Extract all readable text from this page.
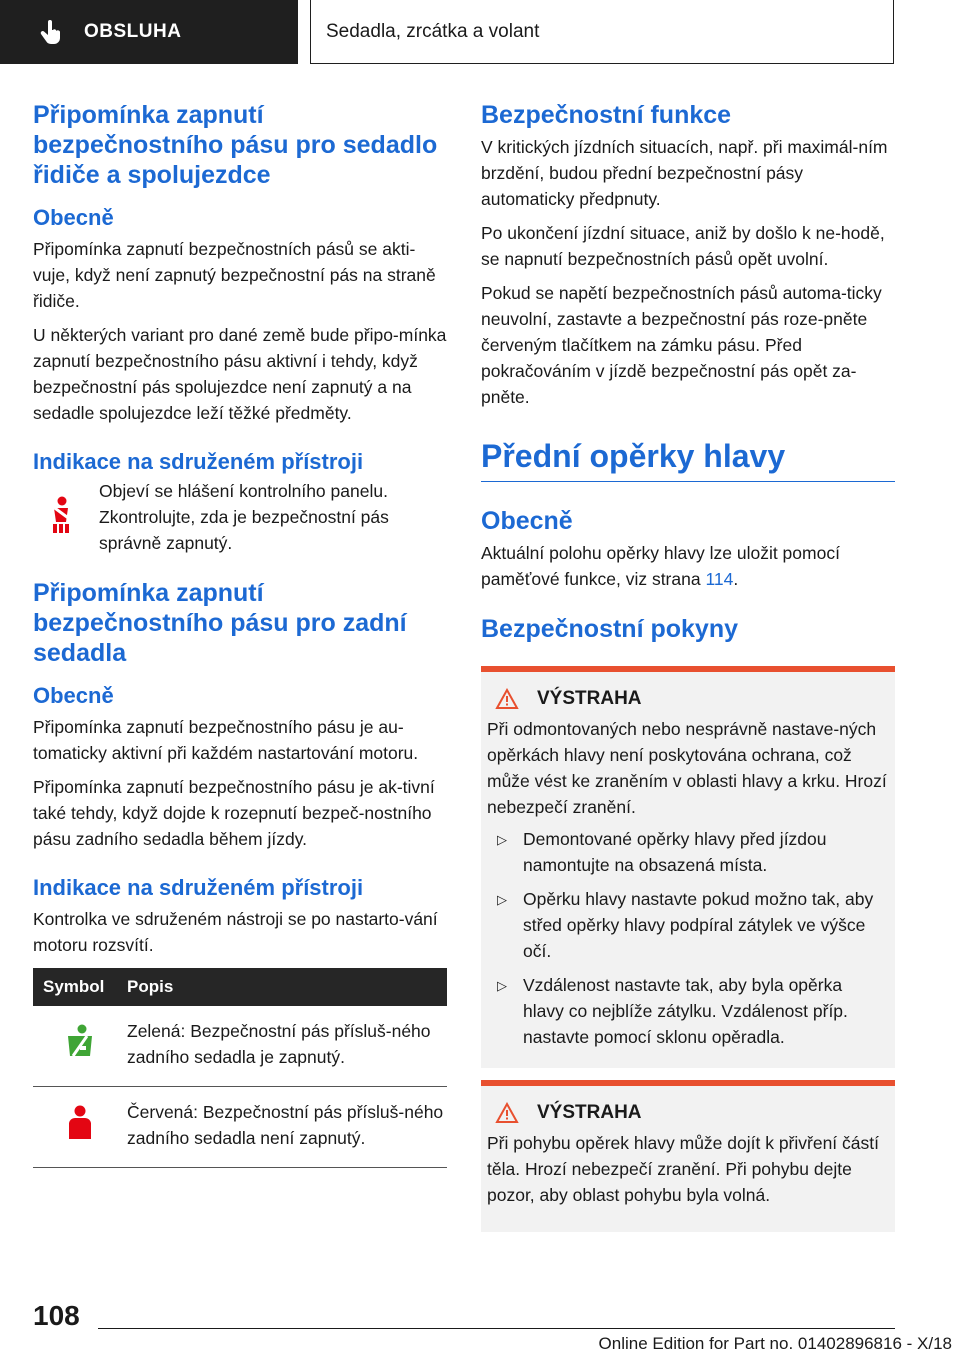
OBSLUHA	Sedadla, zrcátka a volant
Připomínka zapnutí bezpečnostního pásu pro sedadlo řidiče a spolujezdce
Obecně

Připomínka zapnutí bezpečnostních pásů se akti-vuje, když není zapnutý bezpečnostní pás na straně řidiče.

U některých variant pro dané země bude připo-mínka zapnutí bezpečnostního pásu aktivní i tehdy, když bezpečnostní pás spolujezdce není zapnutý a na sedadle spolujezdce leží těžké předměty.

Indikace na sdruženém přístroji

Objeví se hlášení kontrolního panelu. Zkontrolujte, zda je bezpečnostní pás správně zapnutý.

Připomínka zapnutí bezpečnostního pásu pro zadní sedadla
Obecně

Připomínka zapnutí bezpečnostního pásu je au-tomaticky aktivní při každém nastartování motoru.

Připomínka zapnutí bezpečnostního pásu je ak-tivní také tehdy, když dojde k rozepnutí bezpeč-nostního pásu zadního sedadla během jízdy.

Indikace na sdruženém přístroji

Kontrolka ve sdruženém nástroji se po nastarto-vání motoru rozsvítí.

Symbol	Popis
	Zelená: Bezpečnostní pás přísluš-ného zadního sedadla je zapnutý.
	Červená: Bezpečnostní pás přísluš-ného zadního sedadla není zapnutý.
Bezpečnostní funkce

V kritických jízdních situacích, např. při maximál-ním brzdění, budou přední bezpečnostní pásy automaticky předpnuty.

Po ukončení jízdní situace, aniž by došlo k ne-hodě, se napnutí bezpečnostních pásů opět uvolní.

Pokud se napětí bezpečnostních pásů automa-ticky neuvolní, zastavte a bezpečnostní pás roze-pněte červeným tlačítkem na zámku pásu. Před pokračováním v jízdě bezpečnostní pás opět za-pněte.

Přední opěrky hlavy
Obecně

Aktuální polohu opěrky hlavy lze uložit pomocí paměťové funkce, viz strana 114.

Bezpečnostní pokyny
VÝSTRAHA

Při odmontovaných nebo nesprávně nastave-ných opěrkách hlavy není poskytována ochrana, což může vést ke zraněním v oblasti hlavy a krku. Hrozí nebezpečí zranění.

▷ Demontované opěrky hlavy před jízdou namontujte na obsazená místa.
▷ Opěrku hlavy nastavte pokud možno tak, aby střed opěrky hlavy podpíral zátylek ve výšce očí.
▷ Vzdálenost nastavte tak, aby byla opěrka hlavy co nejblíže zátylku. Vzdálenost příp. nastavte pomocí sklonu opěradla.
VÝSTRAHA

Při pohybu opěrek hlavy může dojít k přivření částí těla. Hrozí nebezpečí zranění. Při pohybu dejte pozor, aby oblast pohybu byla volná.

108
Online Edition for Part no. 01402896816 - X/18
